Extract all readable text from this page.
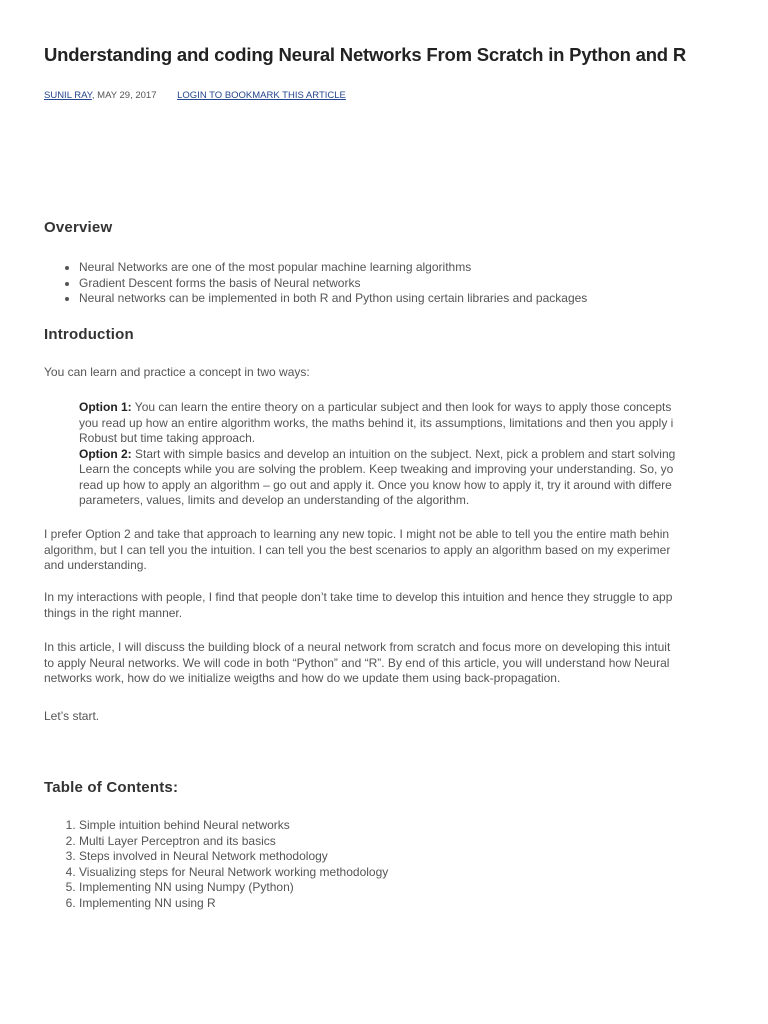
Understanding and coding Neural Networks From Scratch in Python and R
SUNIL RAY, MAY 29, 2017 LOGIN TO BOOKMARK THIS ARTICLE
Overview
• Neural Networks are one of the most popular machine learning algorithms
• Gradient Descent forms the basis of Neural networks
• Neural networks can be implemented in both R and Python using certain libraries and packages
Introduction

You can learn and practice a concept in two ways:

• Option 1: You can learn the entire theory on a particular subject and then look for ways to apply those concepts
you read up how an entire algorithm works, the maths behind it, its assumptions, limitations and then you apply i
Robust but time taking approach.
• Option 2: Start with simple basics and develop an intuition on the subject. Next, pick a problem and start solving
Learn the concepts while you are solving the problem. Keep tweaking and improving your understanding. So, yo
read up how to apply an algorithm – go out and apply it. Once you know how to apply it, try it around with differe
parameters, values, limits and develop an understanding of the algorithm.

I prefer Option 2 and take that approach to learning any new topic. I might not be able to tell you the entire math behin
algorithm, but I can tell you the intuition. I can tell you the best scenarios to apply an algorithm based on my experimer
and understanding.

In my interactions with people, I find that people don’t take time to develop this intuition and hence they struggle to app
things in the right manner.

In this article, I will discuss the building block of a neural network from scratch and focus more on developing this intuit
to apply Neural networks. We will code in both “Python” and “R”. By end of this article, you will understand how Neural
networks work, how do we initialize weigths and how do we update them using back-propagation.

Let’s start.

Table of Contents:
1. Simple intuition behind Neural networks
2. Multi Layer Perceptron and its basics
3. Steps involved in Neural Network methodology
4. Visualizing steps for Neural Network working methodology
5. Implementing NN using Numpy (Python)
6. Implementing NN using R
